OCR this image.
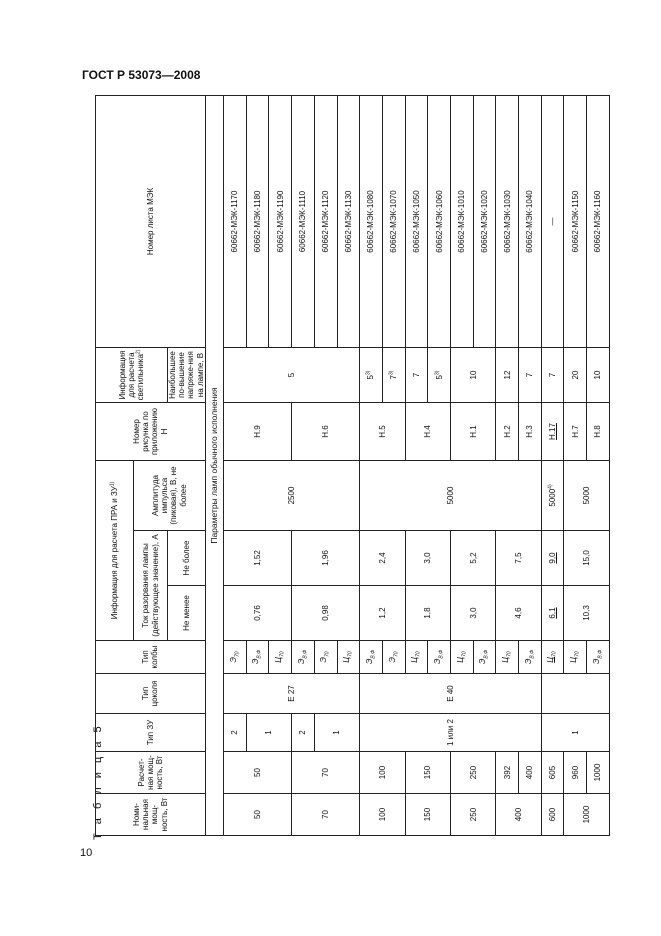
ГОСТ Р 53073—2008
10
Т а б л и ц а 5	Номи-нальная мощ-ность, Вт	Расчет-ная мощ-ность, Вт	Тип ЗУ	Тип цоколя	Тип колбы	Информация для расчета ПРА и ЗУ$^{1)}$			Номер рисунка по приложению Н	Информация для расчета светильника$^{2)}$	Номер листа МЭК
					Ток разорвания лампы (действующее значение), А		Амплитуда импульса (пиковая), В, не более			
					Не менее	Не более			Наибольшее по-вышение напряже-ния на лампе, В	
Параметры ламп обычного исполнения										
50	50	2	Е 27	$Э_{70}$	0,76	1,52	2500	Н.9	5	60662-МЭК-1170
		1		$Э_{В.Ф}$						60662-МЭК-1180
				$Ц_{70}$						60662-МЭК-1190
70	70	2		$Э_{В.Ф}$	0,98	1,96		Н.6		60662-МЭК-1110
		1		$Э_{70}$						60662-МЭК-1120
				$Ц_{70}$						60662-МЭК-1130
100	100	1 или 2	Е 40	$Э_{В.Ф}$	1,2	2,4	5000	Н.5	5$^{3)}$	60662-МЭК-1080
				$Э_{70}$					7$^{3)}$	60662-МЭК-1070
150	150			$Ц_{70}$	1,8	3,0		Н.4	7	60662-МЭК-1050
				$Э_{В.Ф}$					5$^{3)}$	60662-МЭК-1060
250	250			$Ц_{70}$	3,0	5,2		Н.1	10	60662-МЭК-1010
				$Э_{В.Ф}$						60662-МЭК-1020
400	392			$Ц_{70}$	4,6	7,5		Н.2	12	60662-МЭК-1030
	400			$Э_{В.Ф}$				Н.3	7	60662-МЭК-1040
600	605	1		$Ц_{70}$	6,1	9,0	5000$^{4)}$	Н.17	7	—
1000	960			$Ц_{70}$	10,3	15,0	5000	Н.7	20	60662-МЭК-1150
	1000			$Э_{В.Ф}$				Н.8	10	60662-МЭК-1160
